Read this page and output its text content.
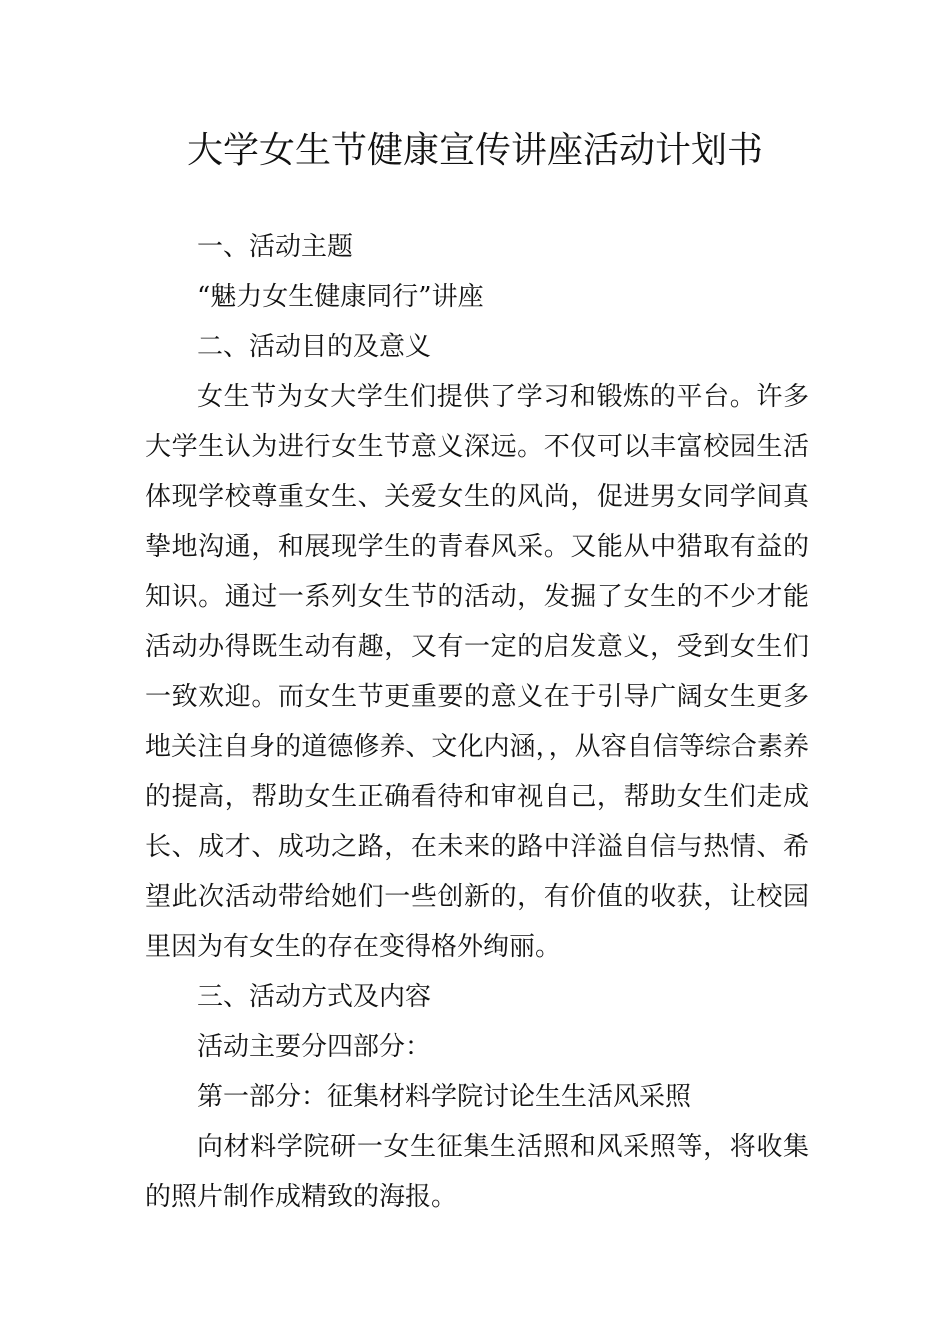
大学女生节健康宣传讲座活动计划书

一、活动主题

“魅力女生健康同行”讲座

二、活动目的及意义

女生节为女大学生们提供了学习和锻炼的平台。许多大学生认为进行女生节意义深远。不仅可以丰富校园生活体现学校尊重女生、关爱女生的风尚，促进男女同学间真挚地沟通，和展现学生的青春风采。又能从中猎取有益的知识。通过一系列女生节的活动，发掘了女生的不少才能活动办得既生动有趣，又有一定的启发意义，受到女生们一致欢迎。而女生节更重要的意义在于引导广阔女生更多地关注自身的道德修养、文化内涵，，从容自信等综合素养的提高，帮助女生正确看待和审视自己，帮助女生们走成长、成才、成功之路，在未来的路中洋溢自信与热情、希望此次活动带给她们一些创新的，有价值的收获，让校园里因为有女生的存在变得格外绚丽。

三、活动方式及内容

活动主要分四部分：

第一部分：征集材料学院讨论生生活风采照

向材料学院研一女生征集生活照和风采照等，将收集的照片制作成精致的海报。
